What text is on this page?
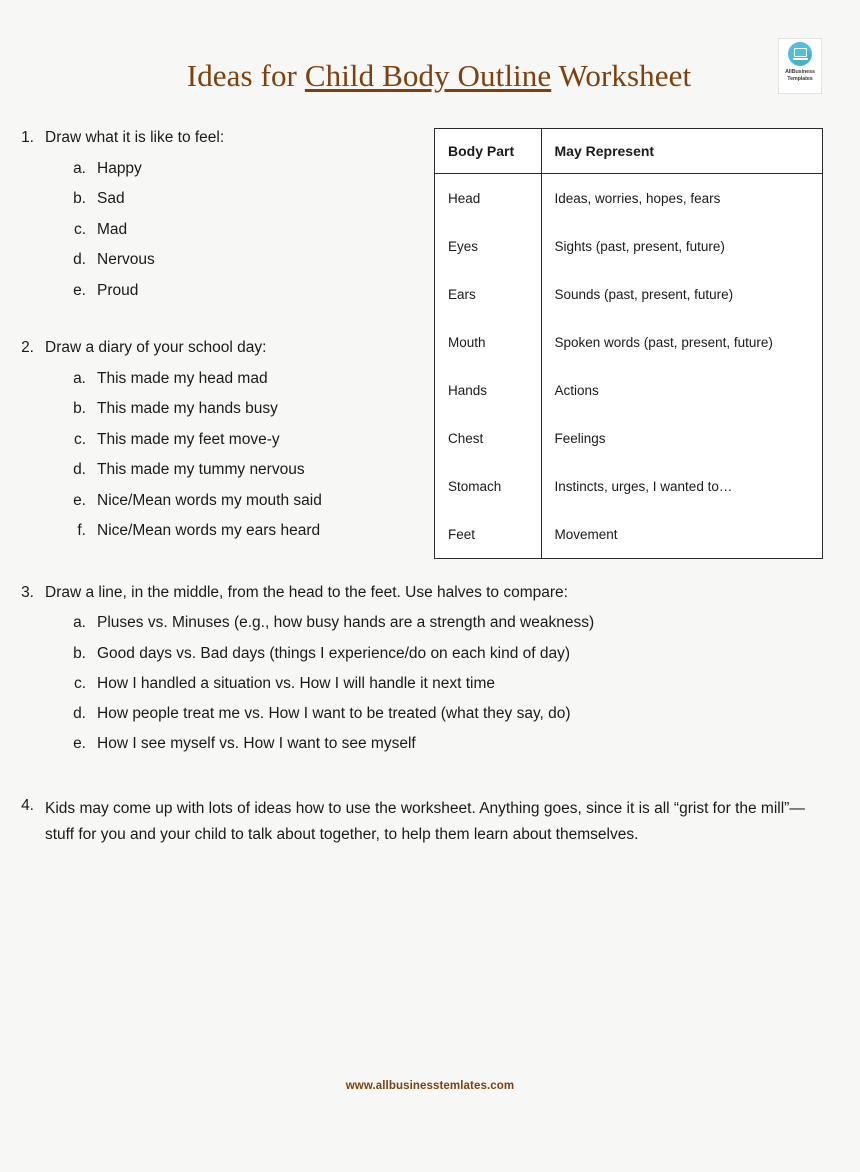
Ideas for Child Body Outline Worksheet	AllBusiness
Templates
1. Draw what it is like to feel:
a. Happy
b. Sad
c. Mad
d. Nervous
e. Proud
2. Draw a diary of your school day:
a. This made my head mad
b. This made my hands busy
c. This made my feet move-y
d. This made my tummy nervous
e. Nice/Mean words my mouth said
f. Nice/Mean words my ears heard
3. Draw a line, in the middle, from the head to the feet. Use halves to compare:
a. Pluses vs. Minuses (e.g., how busy hands are a strength and weakness)
b. Good days vs. Bad days (things I experience/do on each kind of day)
c. How I handled a situation vs. How I will handle it next time
d. How people treat me vs. How I want to be treated (what they say, do)
e. How I see myself vs. How I want to see myself
4. Kids may come up with lots of ideas how to use the worksheet. Anything goes, since it is all “grist for the mill”—stuff for you and your child to talk about together, to help them learn about themselves.
Body Part	May Represent
Head	Ideas, worries, hopes, fears
Eyes	Sights (past, present, future)
Ears	Sounds (past, present, future)
Mouth	Spoken words (past, present, future)
Hands	Actions
Chest	Feelings
Stomach	Instincts, urges, I wanted to…
Feet	Movement
www.allbusinesstemlates.com
